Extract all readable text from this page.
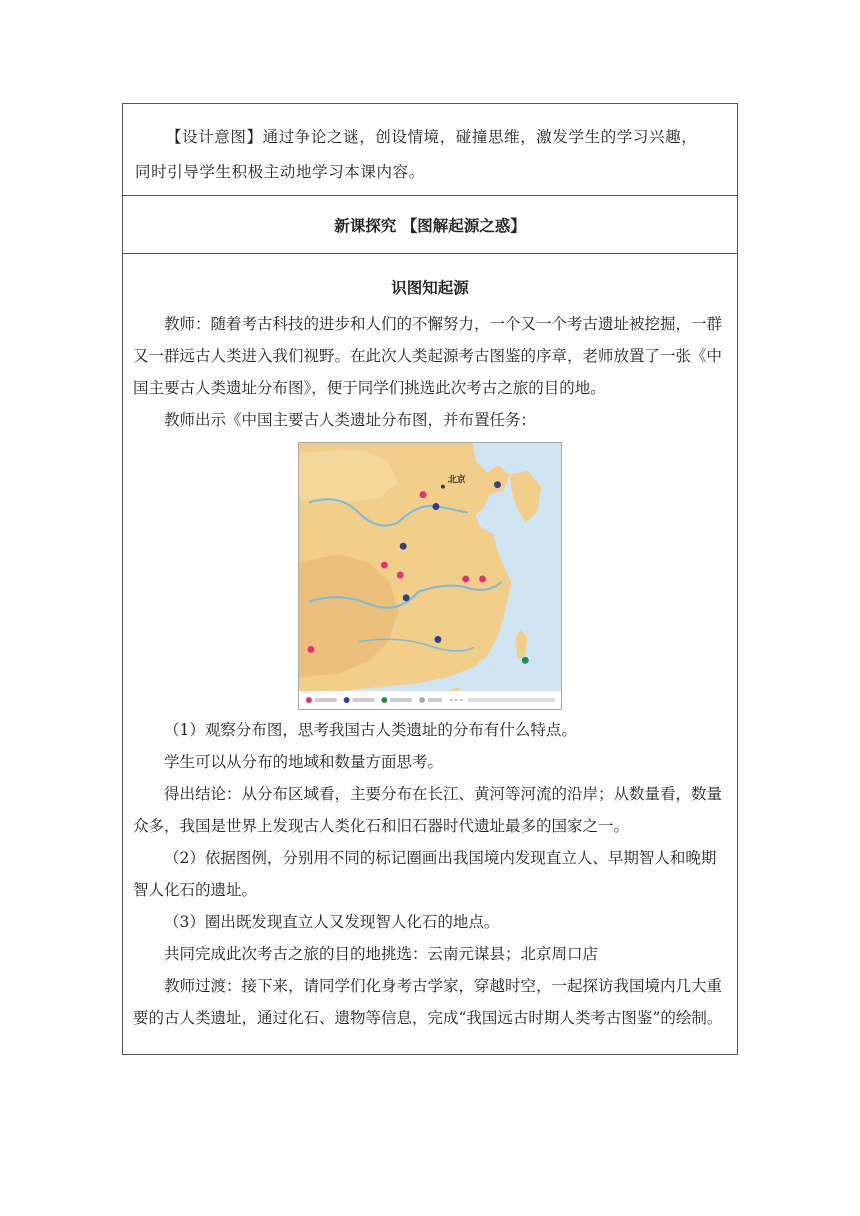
【设计意图】通过争论之谜，创设情境，碰撞思维，激发学生的学习兴趣，

同时引导学生积极主动地学习本课内容。

新课探究 【图解起源之惑】

识图知起源

教师：随着考古科技的进步和人们的不懈努力，一个又一个考古遗址被挖掘，一群又一群远古人类进入我们视野。在此次人类起源考古图鉴的序章，老师放置了一张《中国主要古人类遗址分布图》，便于同学们挑选此次考古之旅的目的地。

教师出示《中国主要古人类遗址分布图，并布置任务：

北京

（1）观察分布图，思考我国古人类遗址的分布有什么特点。

学生可以从分布的地域和数量方面思考。

得出结论：从分布区域看，主要分布在长江、黄河等河流的沿岸；从数量看，数量众多，我国是世界上发现古人类化石和旧石器时代遗址最多的国家之一。

（2）依据图例，分别用不同的标记圈画出我国境内发现直立人、早期智人和晚期智人化石的遗址。

（3）圈出既发现直立人又发现智人化石的地点。

共同完成此次考古之旅的目的地挑选：云南元谋县；北京周口店

教师过渡：接下来，请同学们化身考古学家，穿越时空，一起探访我国境内几大重要的古人类遗址，通过化石、遗物等信息，完成“我国远古时期人类考古图鉴”的绘制。
